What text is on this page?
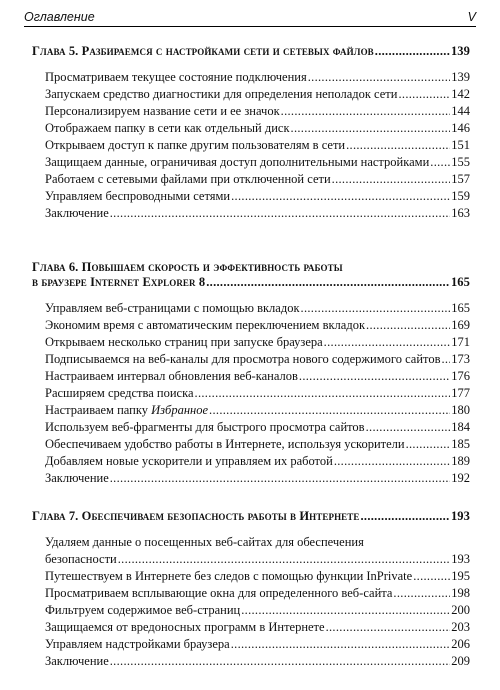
Оглавление	V
Глава 5. Разбираемся с настройками сети и сетевых файлов .....	139
Просматриваем текущее состояние подключения .....	139
Запускаем средство диагностики для определения неполадок сети .....	142
Персонализируем название сети и ее значок .....	144
Отображаем папку в сети как отдельный диск .....	146
Открываем доступ к папке другим пользователям в сети .....	151
Защищаем данные, ограничивая доступ дополнительными настройками ..... 155
Работаем с сетевыми файлами при отключенной сети .....	157
Управляем беспроводными сетями .....	159
Заключение .....	163
Глава 6. Повышаем скорость и эффективность работы
в браузере Internet Explorer 8 .....	165
Управляем веб-страницами с помощью вкладок .....	165
Экономим время с автоматическим переключением вкладок .....	169
Открываем несколько страниц при запуске браузера .....	171
Подписываемся на веб-каналы для просмотра нового содержимого сайтов ..... 173
Настраиваем интервал обновления веб-каналов .....	176
Расширяем средства поиска .....	177
Настраиваем папку Избранное .....	180
Используем веб-фрагменты для быстрого просмотра сайтов .....	184
Обеспечиваем удобство работы в Интернете, используя ускорители .....	185
Добавляем новые ускорители и управляем их работой .....	189
Заключение .....	192
Глава 7. Обеспечиваем безопасность работы в Интернете .....	193
Удаляем данные о посещенных веб-сайтах для обеспечения
безопасности .....	193
Путешествуем в Интернете без следов с помощью функции InPrivate .....	195
Просматриваем всплывающие окна для определенного веб-сайта .....	198
Фильтруем содержимое веб-страниц .....	200
Защищаемся от вредоносных программ в Интернете .....	203
Управляем надстройками браузера .....	206
Заключение .....	209
